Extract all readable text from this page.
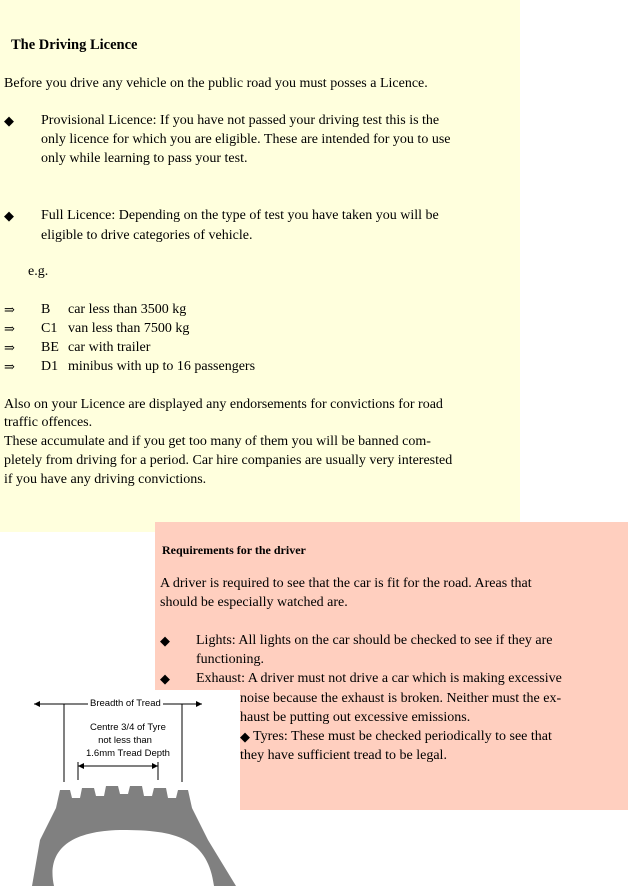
The Driving Licence
Before you drive any vehicle on the public road you must posses a Licence.
◆ Provisional Licence: If you have not passed your driving test this is the
only licence for which you are eligible. These are intended for you to use
only while learning to pass your test.
◆ Full Licence: Depending on the type of test you have taken you will be
eligible to drive categories of vehicle.
e.g.
⇒ B car less than 3500 kg
⇒ C1 van less than 7500 kg
⇒ BE car with trailer
⇒ D1 minibus with up to 16 passengers
Also on your Licence are displayed any endorsements for convictions for road
traffic offences.
These accumulate and if you get too many of them you will be banned com-
pletely from driving for a period. Car hire companies are usually very interested
if you have any driving convictions.
Requirements for the driver
A driver is required to see that the car is fit for the road. Areas that
should be especially watched are.
◆ Lights: All lights on the car should be checked to see if they are
functioning.
◆ Exhaust: A driver must not drive a car which is making excessive
Breadth of Tread
Centre 3/4 of Tyre
not less than
1.6mm Tread Depth
noise because the exhaust is broken. Neither must the ex-
haust be putting out excessive emissions.
◆ Tyres: These must be checked periodically to see that
they have sufficient tread to be legal.
